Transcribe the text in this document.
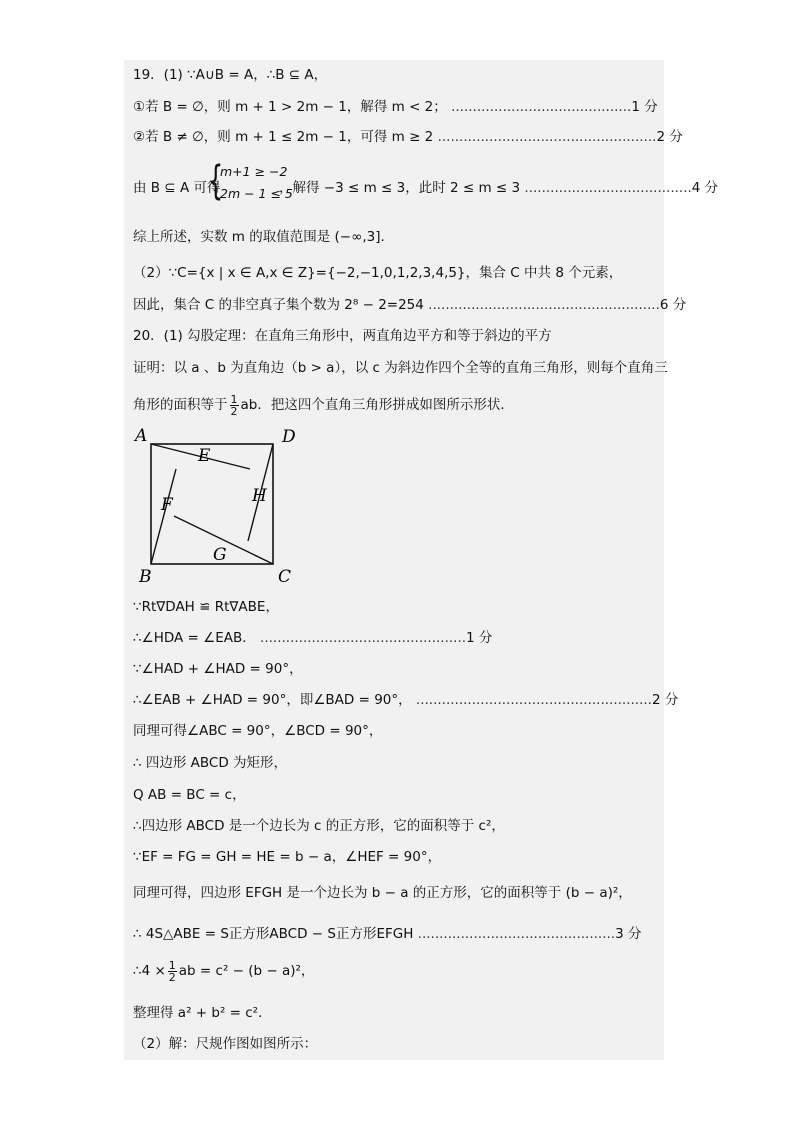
19．(1) ∵A∪B = A，∴B ⊆ A，
①若 B = ∅，则 m + 1 > 2m − 1，解得 m < 2； ..........................................1 分
②若 B ≠ ∅，则 m + 1 ≤ 2m − 1，可得 m ≥ 2 ...................................................2 分
由 B ⊆ A 可得
{
m+1 ≥ −2
2m − 1 ≤ 5
，解得 −3 ≤ m ≤ 3，此时 2 ≤ m ≤ 3 .......................................4 分
综上所述，实数 m 的取值范围是 (−∞,3].
（2）∵C={x | x ∈ A,x ∈ Z}={−2,−1,0,1,2,3,4,5}，集合 C 中共 8 个元素，
因此，集合 C 的非空真子集个数为 2⁸ − 2=254 ......................................................6 分
20．(1) 勾股定理：在直角三角形中，两直角边平方和等于斜边的平方
证明：以 a 、b 为直角边（b > a），以 c 为斜边作四个全等的直角三角形，则每个直角三
角形的面积等于 $\frac{1}{2}$ ab．把这四个直角三角形拼成如图所示形状．
A	D
B	C
E
F	H
G
∵Rt∇DAH ≌ Rt∇ABE，
∴∠HDA = ∠EAB． ................................................1 分
∵∠HAD + ∠HAD = 90°，
∴∠EAB + ∠HAD = 90°，即∠BAD = 90°， .......................................................2 分
同理可得∠ABC = 90°，∠BCD = 90°，
∴ 四边形 ABCD 为矩形，
Q AB = BC = c，
∴四边形 ABCD 是一个边长为 c 的正方形，它的面积等于 c²，
∵EF = FG = GH = HE = b − a，∠HEF = 90°，
同理可得，四边形 EFGH 是一个边长为 b − a 的正方形，它的面积等于 (b − a)²，
∴ 4S△ABE = S正方形ABCD − S正方形EFGH ..............................................3 分
∴4 × $\frac{1}{2}$ ab = c² − (b − a)²，
整理得 a² + b² = c²．
（2）解：尺规作图如图所示：
